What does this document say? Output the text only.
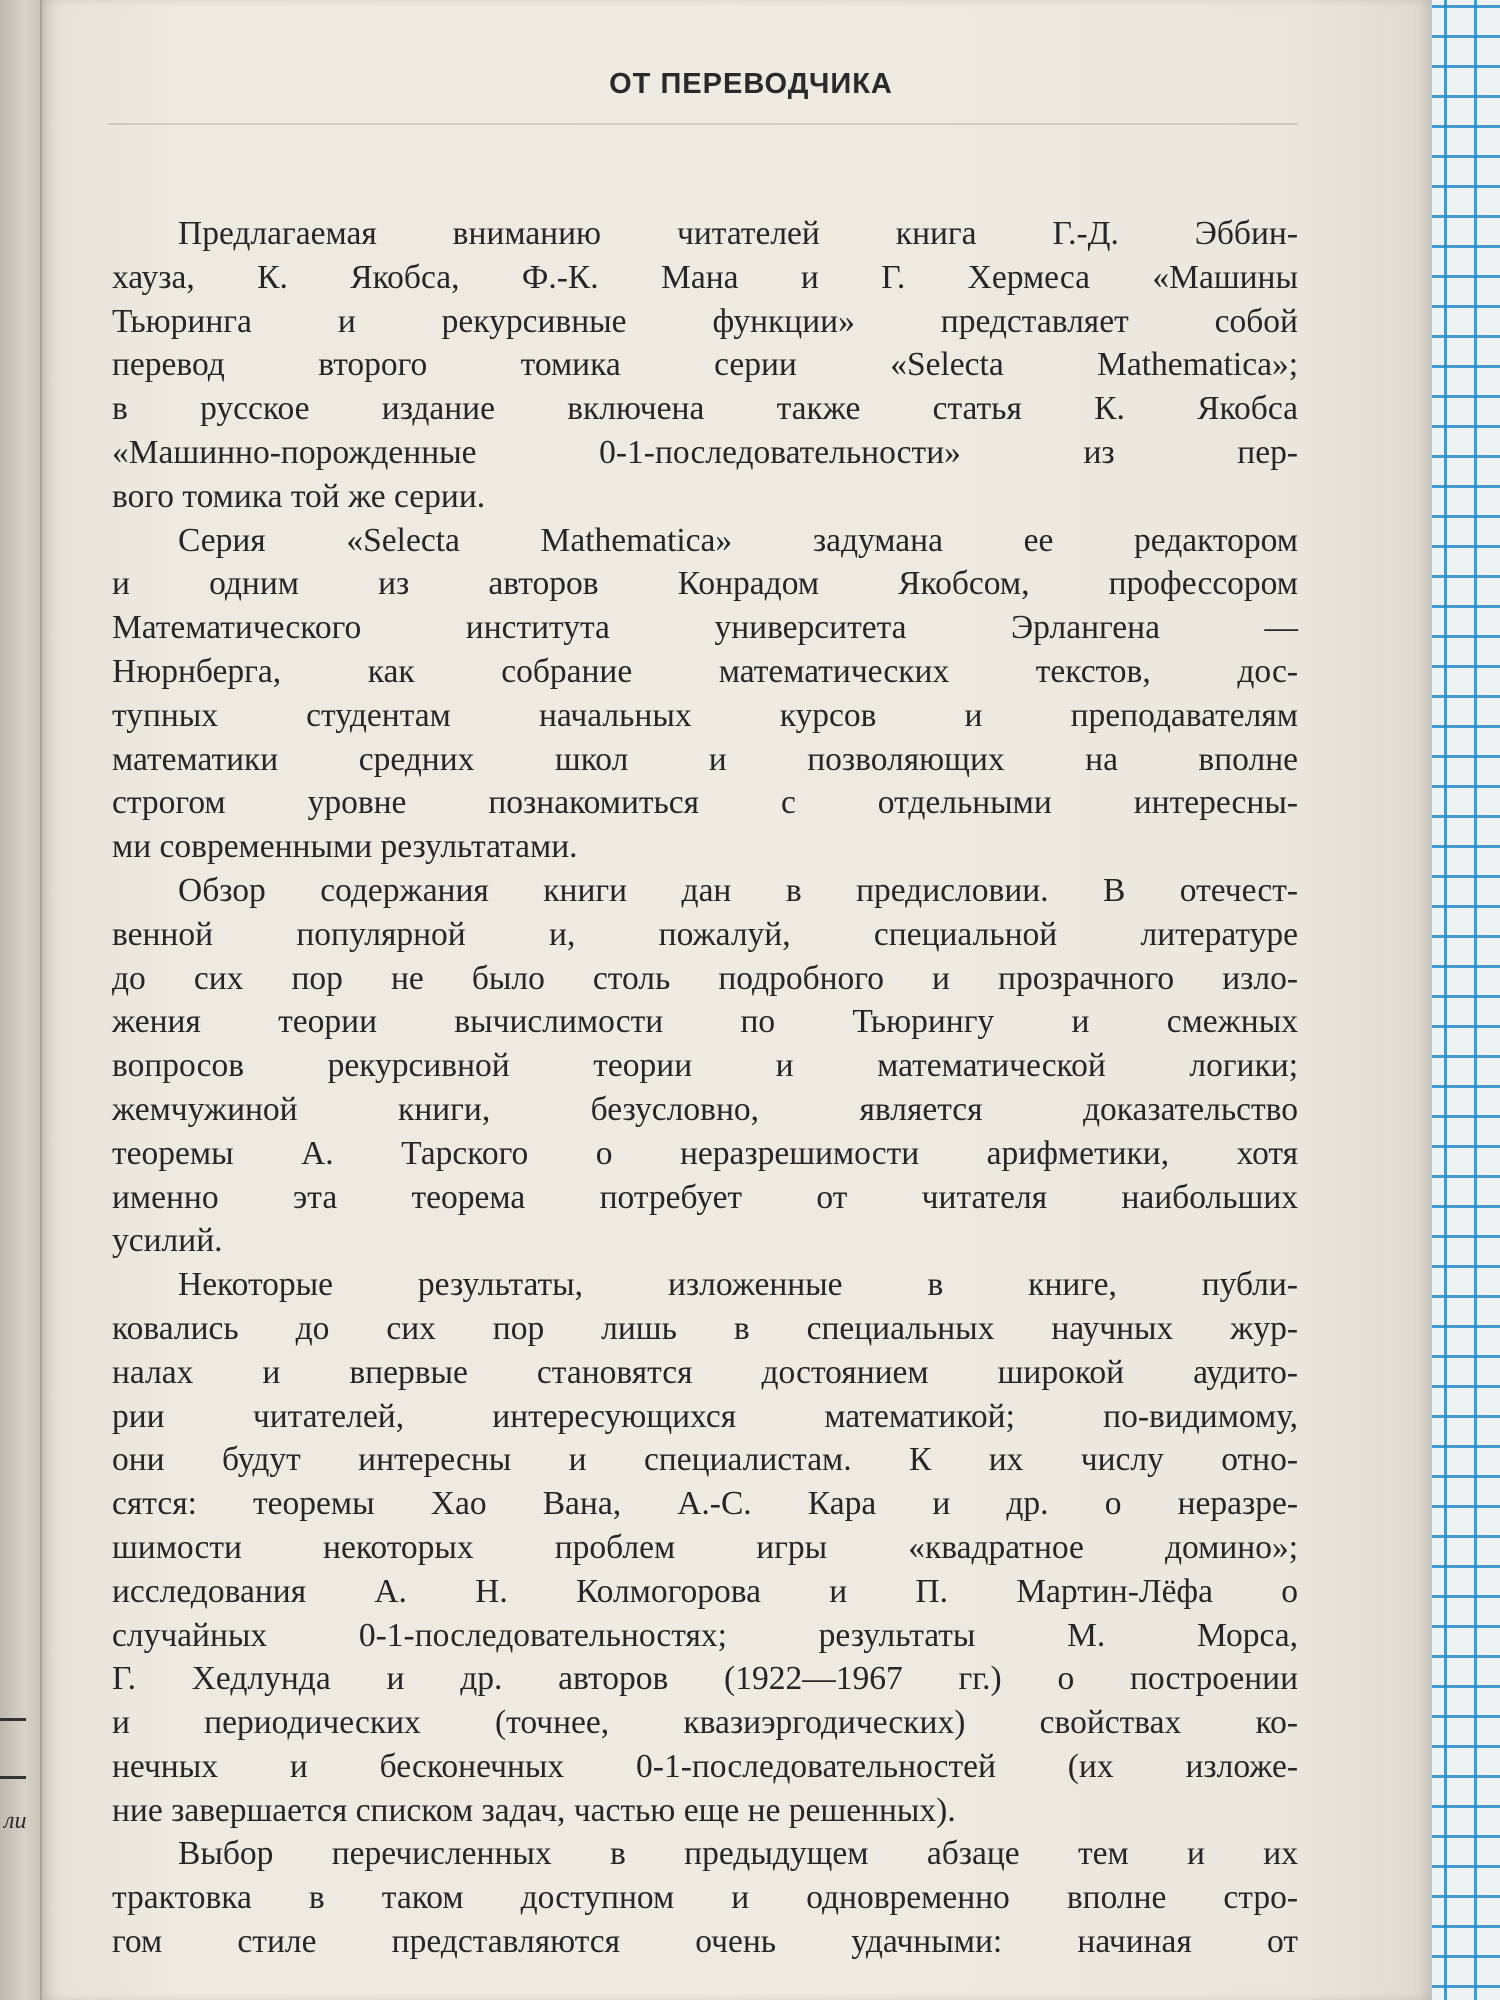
ли
ОТ ПЕРЕВОДЧИКА
Предлагаемая вниманию читателей книга Г.-Д. Эббин-
хауза, К. Якобса, Ф.-К. Мана и Г. Хермеса «Машины
Тьюринга и рекурсивные функции» представляет собой
перевод второго томика серии «Selecta Mathematica»;
в русское издание включена также статья К. Якобса
«Машинно-порожденные 0-1-последовательности» из пер-
вого томика той же серии.
Серия «Selecta Mathematica» задумана ее редактором
и одним из авторов Конрадом Якобсом, профессором
Математического института университета Эрлангена —
Нюрнберга, как собрание математических текстов, дос-
тупных студентам начальных курсов и преподавателям
математики средних школ и позволяющих на вполне
строгом уровне познакомиться с отдельными интересны-
ми современными результатами.
Обзор содержания книги дан в предисловии. В отечест-
венной популярной и, пожалуй, специальной литературе
до сих пор не было столь подробного и прозрачного изло-
жения теории вычислимости по Тьюрингу и смежных
вопросов рекурсивной теории и математической логики;
жемчужиной книги, безусловно, является доказательство
теоремы А. Тарского о неразрешимости арифметики, хотя
именно эта теорема потребует от читателя наибольших
усилий.
Некоторые результаты, изложенные в книге, публи-
ковались до сих пор лишь в специальных научных жур-
налах и впервые становятся достоянием широкой аудито-
рии читателей, интересующихся математикой; по-видимому,
они будут интересны и специалистам. К их числу отно-
сятся: теоремы Хао Вана, А.-С. Кара и др. о неразре-
шимости некоторых проблем игры «квадратное домино»;
исследования А. Н. Колмогорова и П. Мартин-Лёфа о
случайных 0-1-последовательностях; результаты М. Морса,
Г. Хедлунда и др. авторов (1922—1967 гг.) о построении
и периодических (точнее, квазиэргодических) свойствах ко-
нечных и бесконечных 0-1-последовательностей (их изложе-
ние завершается списком задач, частью еще не решенных).
Выбор перечисленных в предыдущем абзаце тем и их
трактовка в таком доступном и одновременно вполне стро-
гом стиле представляются очень удачными: начиная от
